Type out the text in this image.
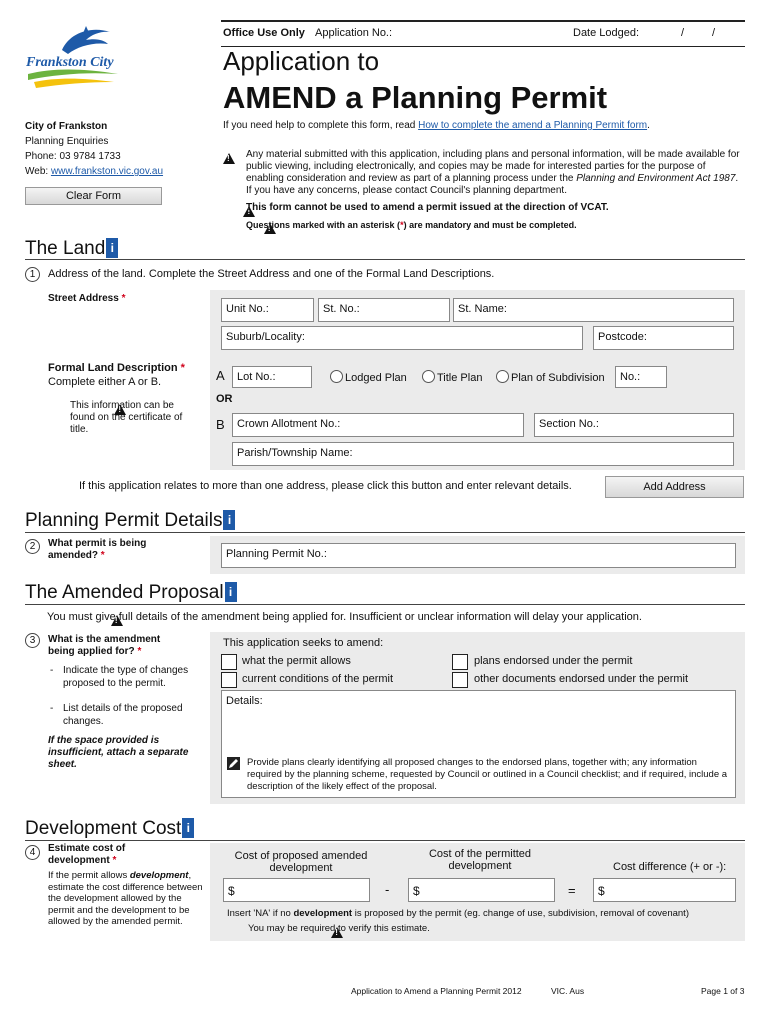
Office Use Only Application No.:	Date Lodged:	/	/
Frankston City	Application to
AMEND a Planning Permit
City of Frankston
Planning Enquiries
Phone: 03 9784 1733
Web: www.frankston.vic.gov.au
Clear Form
If you need help to complete this form, read How to complete the amend a Planning Permit form.
!
Any material submitted with this application, including plans and personal information, will be made available for public viewing, including electronically, and copies may be made for interested parties for the purpose of enabling consideration and review as part of a planning process under the Planning and Environment Act 1987. If you have any concerns, please contact Council's planning department.
!
This form cannot be used to amend a permit issued at the direction of VCAT.
!
Questions marked with an asterisk (*) are mandatory and must be completed.
The Land i
1	Address of the land. Complete the Street Address and one of the Formal Land Descriptions.
Street Address *
Unit No.:	St. No.:	St. Name:
Suburb/Locality:	Postcode:
Formal Land Description *
Complete either A or B.
!
This information can be found on the certificate of title.
A	Lot No.:	Lodged Plan	Title Plan	Plan of Subdivision	No.:
OR
B	Crown Allotment No.:	Section No.:
Parish/Township Name:
If this application relates to more than one address, please click this button and enter relevant details.	Add Address
Planning Permit Details i
2	What permit is being amended? *	Planning Permit No.:
The Amended Proposal i
!
You must give full details of the amendment being applied for. Insufficient or unclear information will delay your application.
3	What is the amendment being applied for? *
- Indicate the type of changes proposed to the permit.
- List details of the proposed changes.
If the space provided is insufficient, attach a separate sheet.
This application seeks to amend:
what the permit allows	plans endorsed under the permit
current conditions of the permit	other documents endorsed under the permit
Details:
Provide plans clearly identifying all proposed changes to the endorsed plans, together with; any information required by the planning scheme, requested by Council or outlined in a Council checklist; and if required, include a description of the likely effect of the proposal.
Development Cost i
4	Estimate cost of development *
If the permit allows development, estimate the cost difference between the development allowed by the permit and the development to be allowed by the amended permit.
Cost of proposed amended development
Cost of the permitted development	Cost difference (+ or -):
$	-	$	=	$
Insert 'NA' if no development is proposed by the permit (eg. change of use, subdivision, removal of covenant)
!
You may be required to verify this estimate.
Application to Amend a Planning Permit 2012	VIC. Aus	Page 1 of 3
